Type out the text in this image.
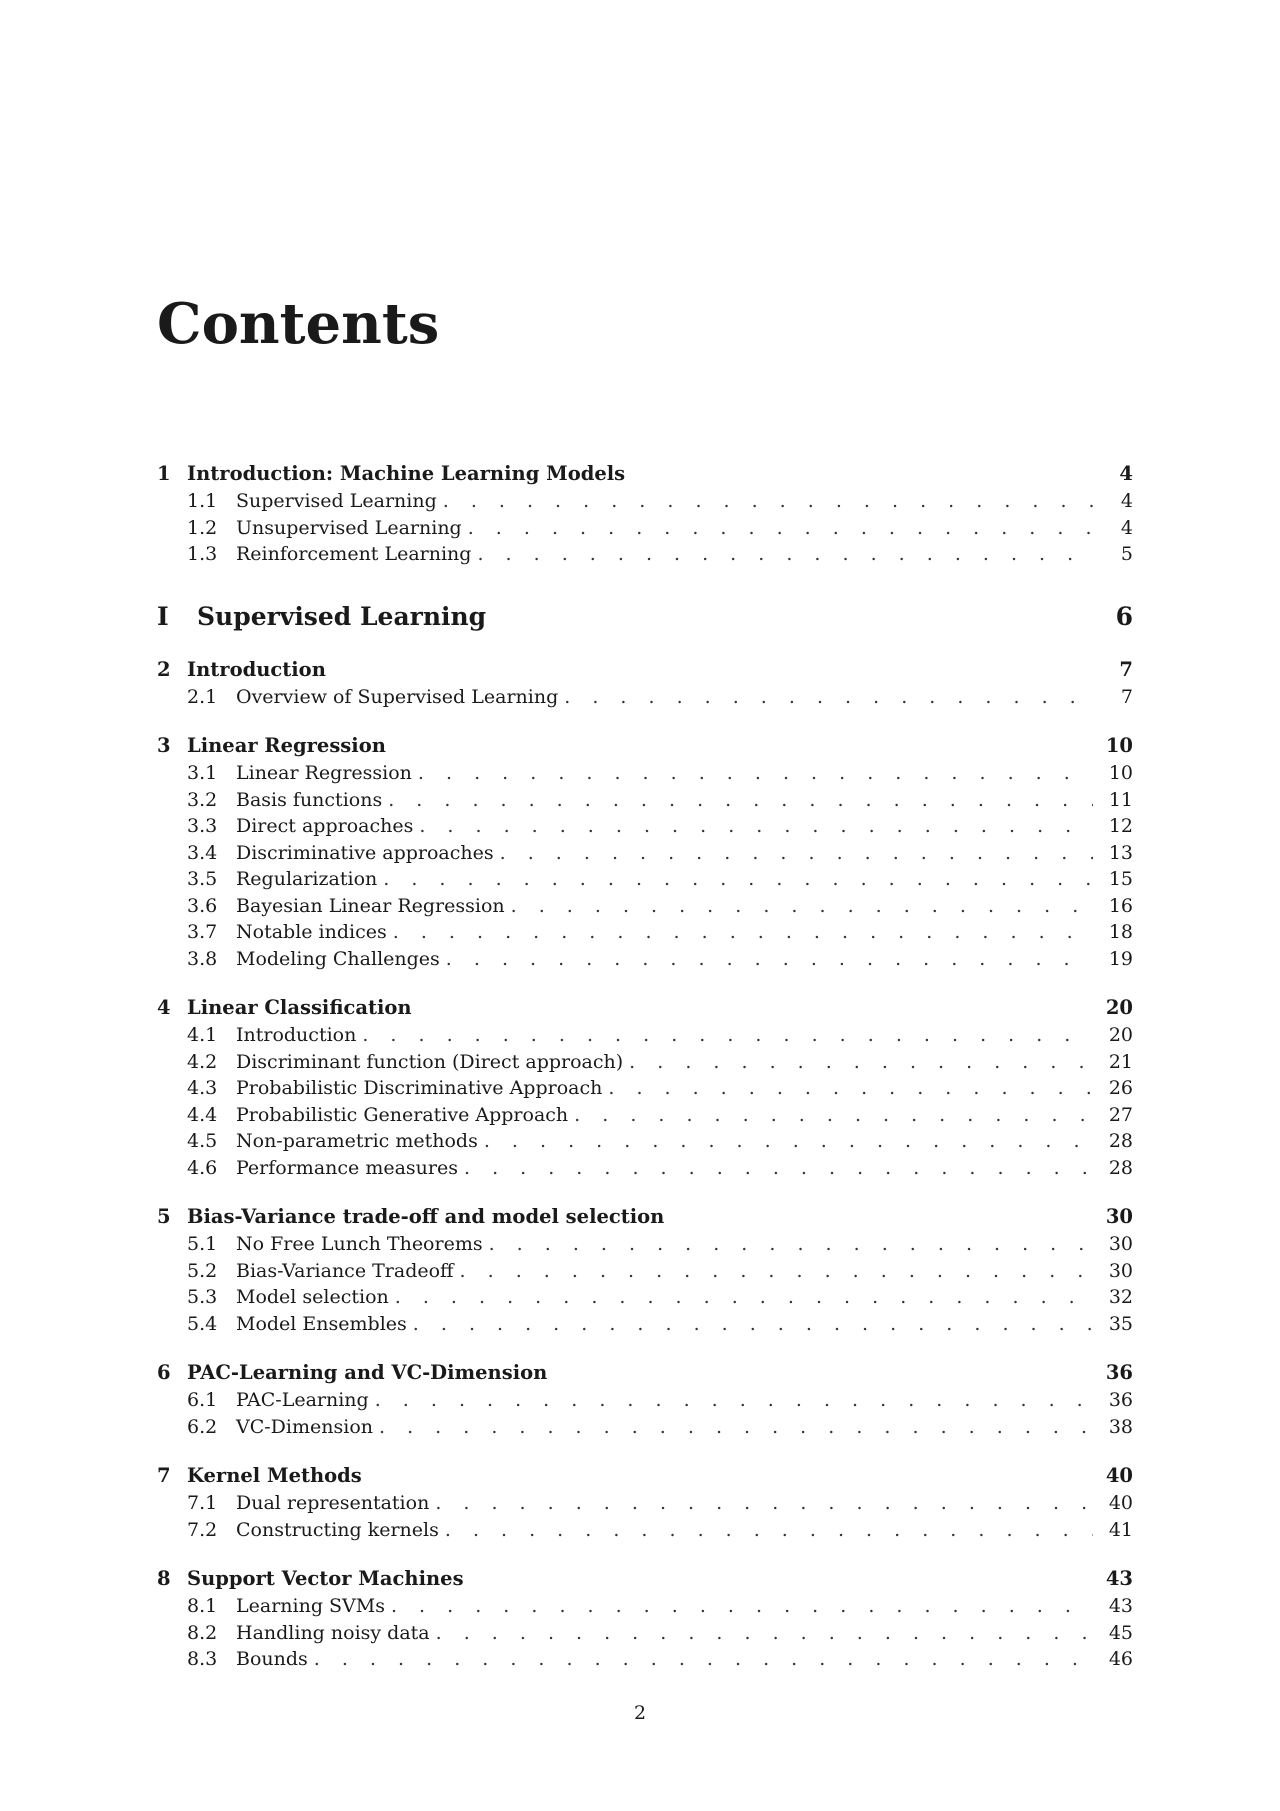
Contents
1 Introduction: Machine Learning Models	4
1.1 Supervised Learning . . .	4
1.2 Unsupervised Learning . . .	4
1.3 Reinforcement Learning . . .	5
I	Supervised Learning	6
2 Introduction	7
2.1 Overview of Supervised Learning . . .	7
3 Linear Regression	10
3.1 Linear Regression . . .	10
3.2 Basis functions . . .	11
3.3 Direct approaches . . .	12
3.4 Discriminative approaches . . .	13
3.5 Regularization . . .	15
3.6 Bayesian Linear Regression . . .	16
3.7 Notable indices . . .	18
3.8 Modeling Challenges . . .	19
4 Linear Classification	20
4.1 Introduction . . .	20
4.2 Discriminant function (Direct approach) . . .	21
4.3 Probabilistic Discriminative Approach . . .	26
4.4 Probabilistic Generative Approach . . .	27
4.5 Non-parametric methods . . .	28
4.6 Performance measures . . .	28
5 Bias-Variance trade-off and model selection	30
5.1 No Free Lunch Theorems . . .	30
5.2 Bias-Variance Tradeoff . . .	30
5.3 Model selection . . .	32
5.4 Model Ensembles . . .	35
6 PAC-Learning and VC-Dimension	36
6.1 PAC-Learning . . .	36
6.2 VC-Dimension . . .	38
7 Kernel Methods	40
7.1 Dual representation . . .	40
7.2 Constructing kernels . . .	41
8 Support Vector Machines	43
8.1 Learning SVMs . . .	43
8.2 Handling noisy data . . .	45
8.3 Bounds . . .	46
2
